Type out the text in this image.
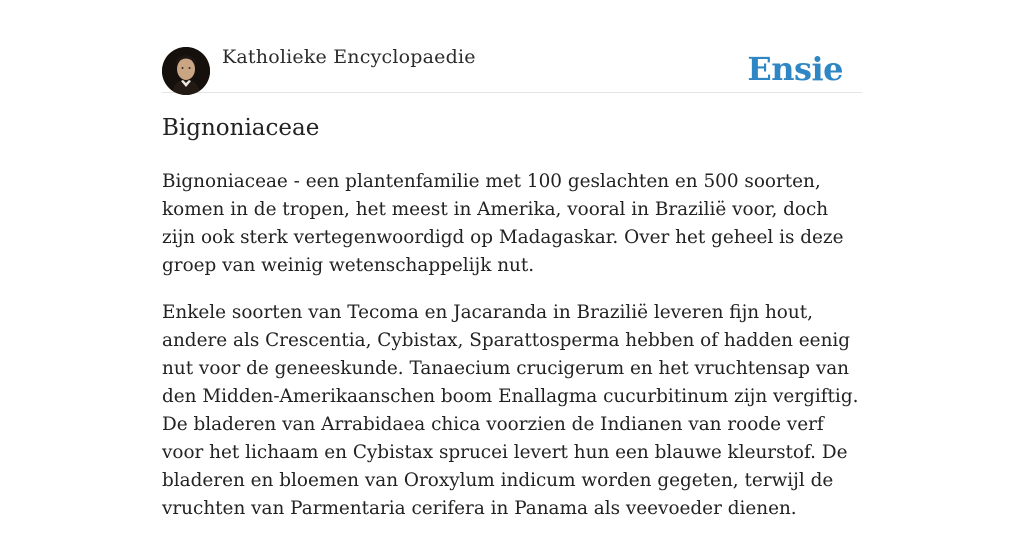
Katholieke Encyclopaedie	Ensie
Bignoniaceae

Bignoniaceae - een plantenfamilie met 100 geslachten en 500 soorten, komen in de tropen, het meest in Amerika, vooral in Brazilië voor, doch zijn ook sterk vertegenwoordigd op Madagaskar. Over het geheel is deze groep van weinig wetenschappelijk nut.

Enkele soorten van Tecoma en Jacaranda in Brazilië leveren fijn hout, andere als Crescentia, Cybistax, Sparattosperma hebben of hadden eenig nut voor de geneeskunde. Tanaecium crucigerum en het vruchtensap van den Midden-Amerikaanschen boom Enallagma cucurbitinum zijn vergiftig. De bladeren van Arrabidaea chica voorzien de Indianen van roode verf voor het lichaam en Cybistax sprucei levert hun een blauwe kleurstof. De bladeren en bloemen van Oroxylum indicum worden gegeten, terwijl de vruchten van Parmentaria cerifera in Panama als veevoeder dienen.
